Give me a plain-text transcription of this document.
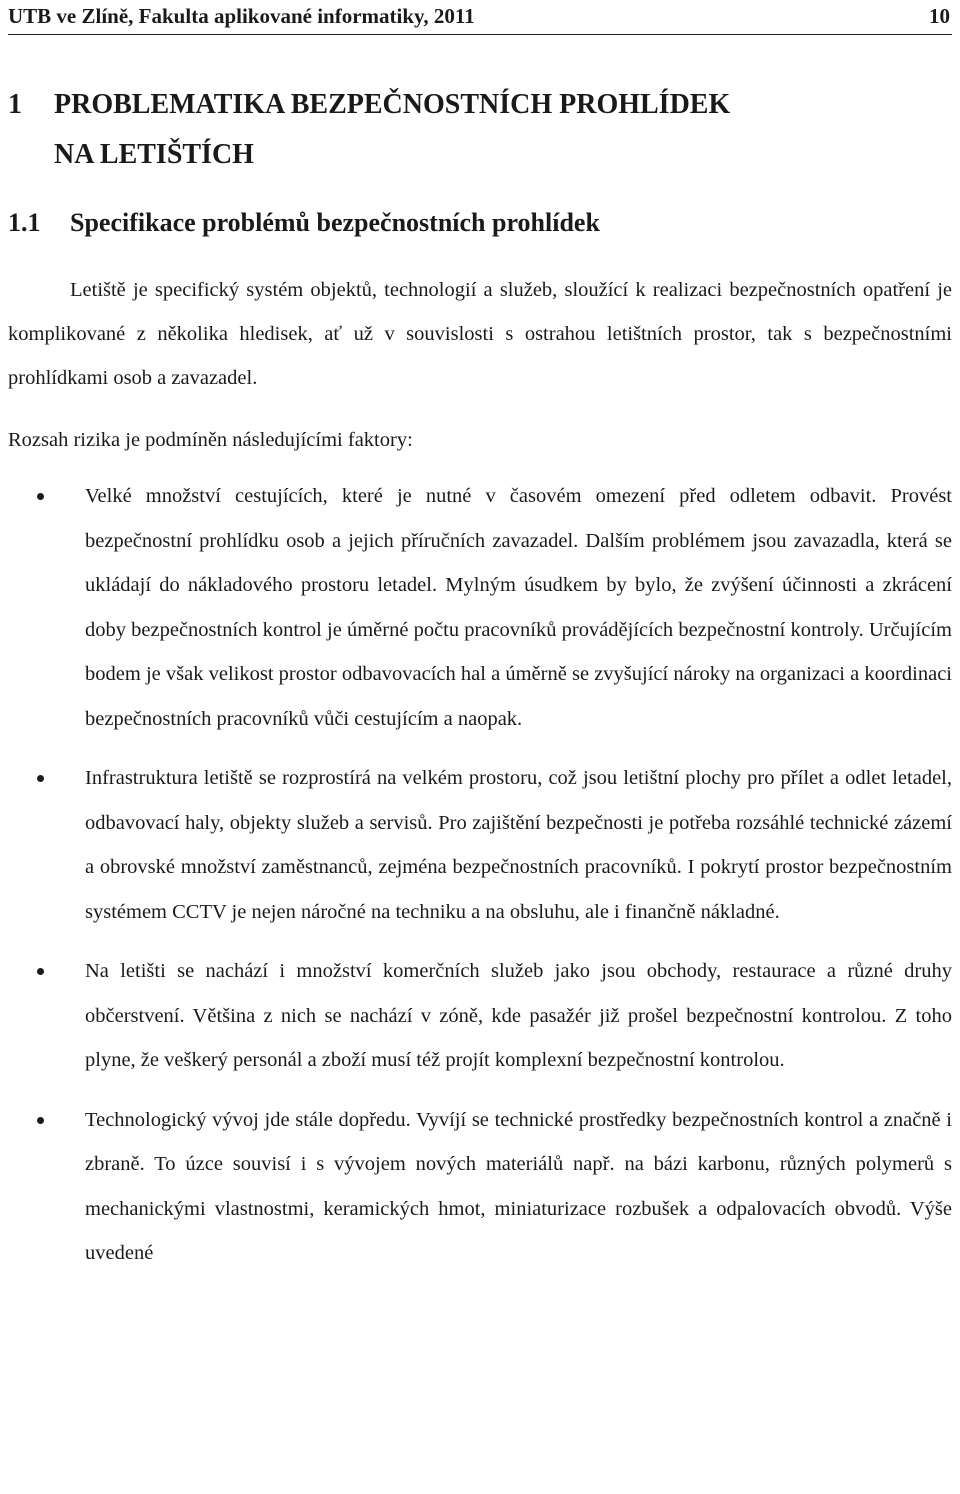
UTB ve Zlíně, Fakulta aplikované informatiky, 2011	10
1 PROBLEMATIKA BEZPEČNOSTNÍCH PROHLÍDEK
NA LETIŠTÍCH
1.1 Specifikace problémů bezpečnostních prohlídek

Letiště je specifický systém objektů, technologií a služeb, sloužící k realizaci bezpečnostních opatření je komplikované z několika hledisek, ať už v souvislosti s ostrahou letištních prostor, tak s bezpečnostními prohlídkami osob a zavazadel.

Rozsah rizika je podmíněn následujícími faktory:

Velké množství cestujících, které je nutné v časovém omezení před odletem odbavit. Provést bezpečnostní prohlídku osob a jejich příručních zavazadel. Dalším problémem jsou zavazadla, která se ukládají do nákladového prostoru letadel. Mylným úsudkem by bylo, že zvýšení účinnosti a zkrácení doby bezpečnostních kontrol je úměrné počtu pracovníků provádějících bezpečnostní kontroly. Určujícím bodem je však velikost prostor odbavovacích hal a úměrně se zvyšující nároky na organizaci a koordinaci bezpečnostních pracovníků vůči cestujícím a naopak.
Infrastruktura letiště se rozprostírá na velkém prostoru, což jsou letištní plochy pro přílet a odlet letadel, odbavovací haly, objekty služeb a servisů. Pro zajištění bezpečnosti je potřeba rozsáhlé technické zázemí a obrovské množství zaměstnanců, zejména bezpečnostních pracovníků. I pokrytí prostor bezpečnostním systémem CCTV je nejen náročné na techniku a na obsluhu, ale i finančně nákladné.
Na letišti se nachází i množství komerčních služeb jako jsou obchody, restaurace a různé druhy občerstvení. Většina z nich se nachází v zóně, kde pasažér již prošel bezpečnostní kontrolou. Z toho plyne, že veškerý personál a zboží musí též projít komplexní bezpečnostní kontrolou.
Technologický vývoj jde stále dopředu. Vyvíjí se technické prostředky bezpečnostních kontrol a značně i zbraně. To úzce souvisí i s vývojem nových materiálů např. na bázi karbonu, různých polymerů s mechanickými vlastnostmi, keramických hmot, miniaturizace rozbušek a odpalovacích obvodů. Výše uvedené
